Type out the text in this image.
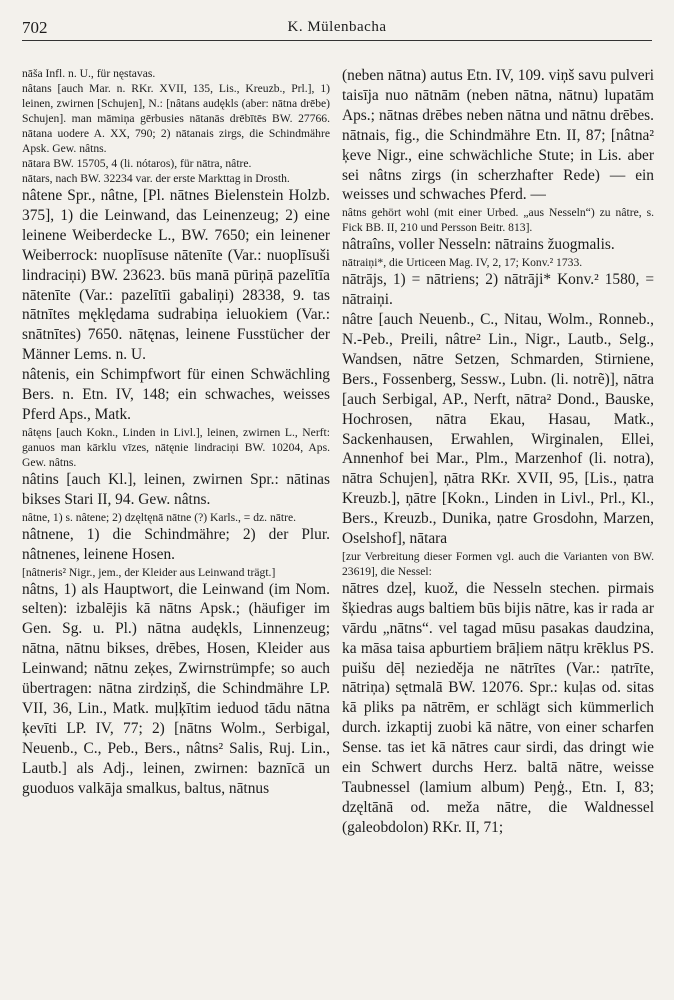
702	K. Mülenbacha

nāša Infl. n. U., für nęstavas.

nâtans [auch Mar. n. RKr. XVII, 135, Lis., Kreuzb., Prl.], 1) leinen, zwirnen [Schujen], N.: [nâtans audękls (aber: nātna drēbe) Schujen]. man māmiņa gērbusies nātanās drēbītēs BW. 27766. nātana uodere A. XX, 790; 2) nātanais zirgs, die Schindmähre Apsk. Gew. nâtns.

nātara BW. 15705, 4 (li. nótaros), für nātra, nâtre.

nātars, nach BW. 32234 var. der erste Markttag in Drosth.

nâtene Spr., nâtne, [Pl. nātnes Bielenstein Holzb. 375], 1) die Leinwand, das Leinenzeug; 2) eine leinene Weiberdecke L., BW. 7650; ein leinener Weiberrock: nuoplīsuse nātenīte (Var.: nuoplīsuši lindraciņi) BW. 23623. būs manā pūriņā pazelītīa nātenīte (Var.: pazelītīi gabaliņi) 28338, 9. tas nātnītes męklędama sudrabiņa ieluokiem (Var.: snātnītes) 7650. nātęnas, leinene Fusstücher der Männer Lems. n. U.

nâtenis, ein Schimpfwort für einen Schwächling Bers. n. Etn. IV, 148; ein schwaches, weisses Pferd Aps., Matk.

nâtęns [auch Kokn., Linden in Livl.], leinen, zwirnen L., Nerft: ganuos man kārklu vīzes, nātęnie lindraciņi BW. 10204, Aps. Gew. nâtns.

nâtins [auch Kl.], leinen, zwirnen Spr.: nātinas bikses Stari II, 94. Gew. nâtns.

nâtne, 1) s. nâtene; 2) dzęltęnā nātne (?) Karls., = dz. nātre.

nâtnene, 1) die Schindmähre; 2) der Plur. nâtnenes, leinene Hosen.

[nâtneris² Nigr., jem., der Kleider aus Leinwand trägt.]

nâtns, 1) als Hauptwort, die Leinwand (im Nom. selten): izbalējis kā nātns Apsk.; (häufiger im Gen. Sg. u. Pl.) nātna audękls, Linnenzeug; nātna, nātnu bikses, drēbes, Hosen, Kleider aus Leinwand; nātnu zeķes, Zwirnstrümpfe; so auch übertragen: nātna zirdziņš, die Schindmähre LP. VII, 36, Lin., Matk. muļķītim ieduod tādu nātna ķevīti LP. IV, 77; 2) [nātns Wolm., Serbigal, Neuenb., C., Peb., Bers., nâtns² Salis, Ruj. Lin., Lautb.] als Adj., leinen, zwirnen: baznīcā un guoduos valkāja smalkus, baltus, nātnus

(neben nātna) autus Etn. IV, 109. viņš savu pulveri taisīja nuo nātnām (neben nātna, nātnu) lupatām Aps.; nātnas drēbes neben nātna und nātnu drēbes. nātnais, fig., die Schindmähre Etn. II, 87; [nâtna² ķeve Nigr., eine schwächliche Stute; in Lis. aber sei nâtns zirgs (in scherzhafter Rede) — ein weisses und schwaches Pferd. —

nâtns gehört wohl (mit einer Urbed. „aus Nesseln“) zu nâtre, s. Fick BB. II, 210 und Persson Beitr. 813].

nâtraîns, voller Nesseln: nātrains žuogmalis.

nātraiņi*, die Urticeen Mag. IV, 2, 17; Konv.² 1733.

nātrājs, 1) = nātriens; 2) nātrāji* Konv.² 1580, = nātraiņi.

nâtre [auch Neuenb., C., Nitau, Wolm., Ronneb., N.-Peb., Preili, nâtre² Lin., Nigr., Lautb., Selg., Wandsen, nātre Setzen, Schmarden, Stirniene, Bers., Fossenberg, Sessw., Lubn. (li. notrẽ)], nātra [auch Serbigal, AP., Nerft, nātra² Dond., Bauske, Hochrosen, nātra Ekau, Hasau, Matk., Sackenhausen, Erwahlen, Wirginalen, Ellei, Annenhof bei Mar., Plm., Marzenhof (li. notra), nātra Schujen], ņātra RKr. XVII, 95, [Lis., ņatra Kreuzb.], ņātre [Kokn., Linden in Livl., Prl., Kl., Bers., Kreuzb., Dunika, ņatre Grosdohn, Marzen, Oselshof], nātara

[zur Verbreitung dieser Formen vgl. auch die Varianten von BW. 23619], die Nessel:

nātres dzeļ, kuož, die Nesseln stechen. pirmais šķiedras augs baltiem būs bijis nātre, kas ir rada ar vārdu „nātns“. vel tagad mūsu pasakas daudzina, ka māsa taisa apburtiem brāļiem nātŗu krēklus PS. puišu dēļ nezieděja ne nātrītes (Var.: ņatrīte, nātriņa) sętmalā BW. 12076. Spr.: kuļas od. sitas kā pliks pa nātrēm, er schlägt sich kümmerlich durch. izkaptij zuobi kā nātre, von einer scharfen Sense. tas iet kā nātres caur sirdi, das dringt wie ein Schwert durchs Herz. baltā nātre, weisse Taubnessel (lamium album) Peŋģ., Etn. I, 83; dzęltānā od. meža nātre, die Waldnessel (galeobdolon) RKr. II, 71;
